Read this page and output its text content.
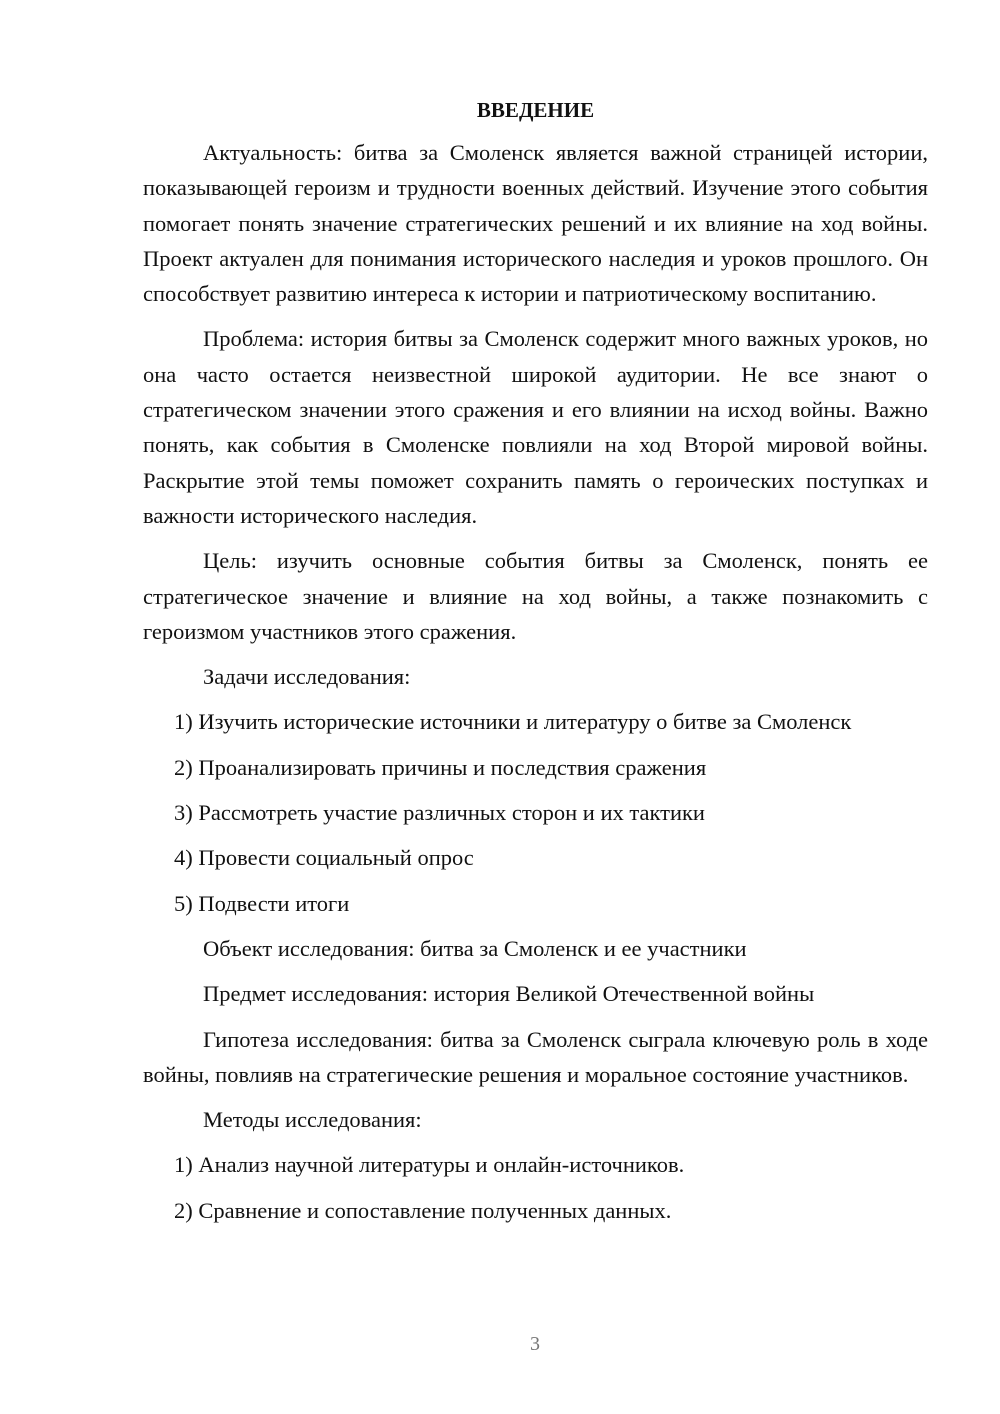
ВВЕДЕНИЕ

Актуальность: битва за Смоленск является важной страницей истории, показывающей героизм и трудности военных действий. Изучение этого события помогает понять значение стратегических решений и их влияние на ход войны. Проект актуален для понимания исторического наследия и уроков прошлого. Он способствует развитию интереса к истории и патриотическому воспитанию.

Проблема: история битвы за Смоленск содержит много важных уроков, но она часто остается неизвестной широкой аудитории. Не все знают о стратегическом значении этого сражения и его влиянии на исход войны. Важно понять, как события в Смоленске повлияли на ход Второй мировой войны. Раскрытие этой темы поможет сохранить память о героических поступках и важности исторического наследия.

Цель: изучить основные события битвы за Смоленск, понять ее стратегическое значение и влияние на ход войны, а также познакомить с героизмом участников этого сражения.

Задачи исследования:

1) Изучить исторические источники и литературу о битве за Смоленск

2) Проанализировать причины и последствия сражения

3) Рассмотреть участие различных сторон и их тактики

4) Провести социальный опрос

5) Подвести итоги

Объект исследования: битва за Смоленск и ее участники

Предмет исследования: история Великой Отечественной войны

Гипотеза исследования: битва за Смоленск сыграла ключевую роль в ходе войны, повлияв на стратегические решения и моральное состояние участников.

Методы исследования:

1) Анализ научной литературы и онлайн-источников.

2) Сравнение и сопоставление полученных данных.

3
